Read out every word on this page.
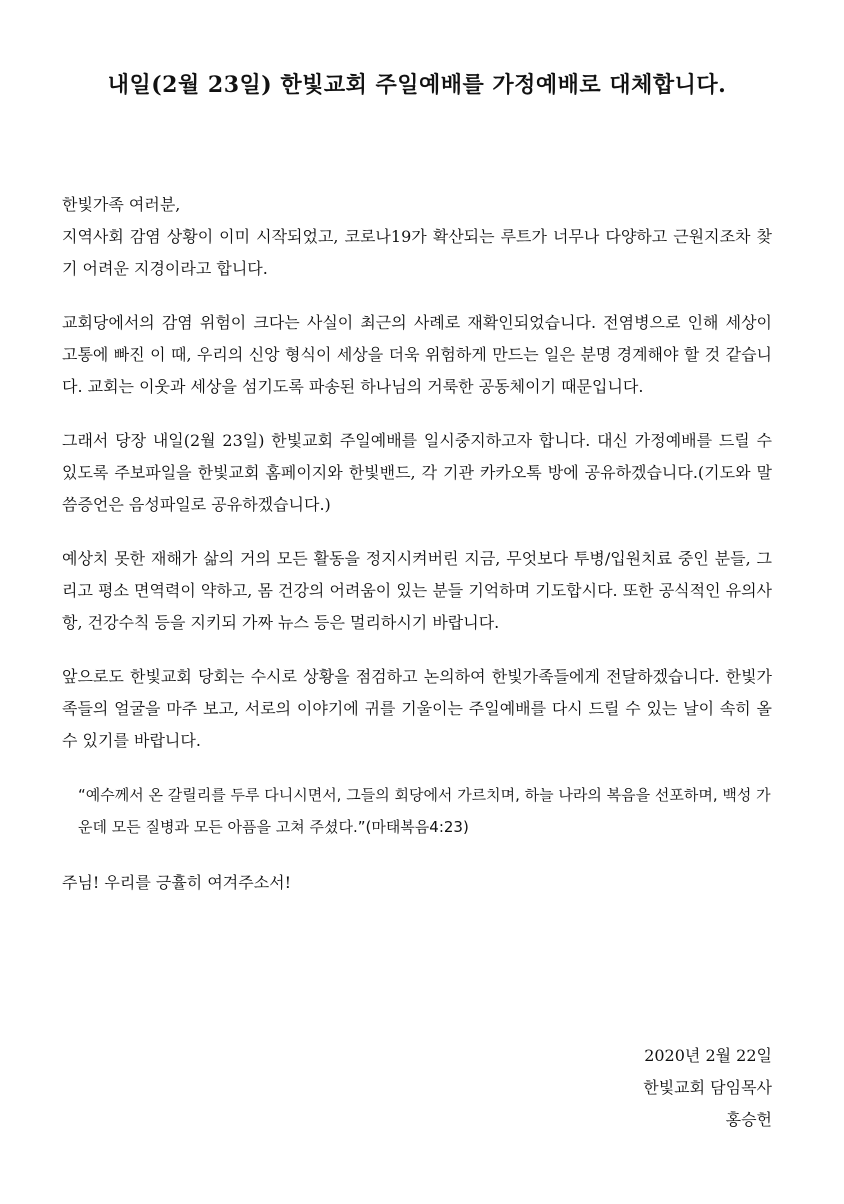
내일(2월 23일) 한빛교회 주일예배를 가정예배로 대체합니다.

한빛가족 여러분,

지역사회 감염 상황이 이미 시작되었고, 코로나19가 확산되는 루트가 너무나 다양하고 근원지조차 찾기 어려운 지경이라고 합니다.

교회당에서의 감염 위험이 크다는 사실이 최근의 사례로 재확인되었습니다. 전염병으로 인해 세상이 고통에 빠진 이 때, 우리의 신앙 형식이 세상을 더욱 위험하게 만드는 일은 분명 경계해야 할 것 같습니다. 교회는 이웃과 세상을 섬기도록 파송된 하나님의 거룩한 공동체이기 때문입니다.

그래서 당장 내일(2월 23일) 한빛교회 주일예배를 일시중지하고자 합니다. 대신 가정예배를 드릴 수 있도록 주보파일을 한빛교회 홈페이지와 한빛밴드, 각 기관 카카오톡 방에 공유하겠습니다.(기도와 말씀증언은 음성파일로 공유하겠습니다.)

예상치 못한 재해가 삶의 거의 모든 활동을 정지시켜버린 지금, 무엇보다 투병/입원치료 중인 분들, 그리고 평소 면역력이 약하고, 몸 건강의 어려움이 있는 분들 기억하며 기도합시다. 또한 공식적인 유의사항, 건강수칙 등을 지키되 가짜 뉴스 등은 멀리하시기 바랍니다.

앞으로도 한빛교회 당회는 수시로 상황을 점검하고 논의하여 한빛가족들에게 전달하겠습니다. 한빛가족들의 얼굴을 마주 보고, 서로의 이야기에 귀를 기울이는 주일예배를 다시 드릴 수 있는 날이 속히 올 수 있기를 바랍니다.

“예수께서 온 갈릴리를 두루 다니시면서, 그들의 회당에서 가르치며, 하늘 나라의 복음을 선포하며, 백성 가운데 모든 질병과 모든 아픔을 고쳐 주셨다.”(마태복음4:23)

주님! 우리를 긍휼히 여겨주소서!

2020년 2월 22일
한빛교회 담임목사
홍승헌
